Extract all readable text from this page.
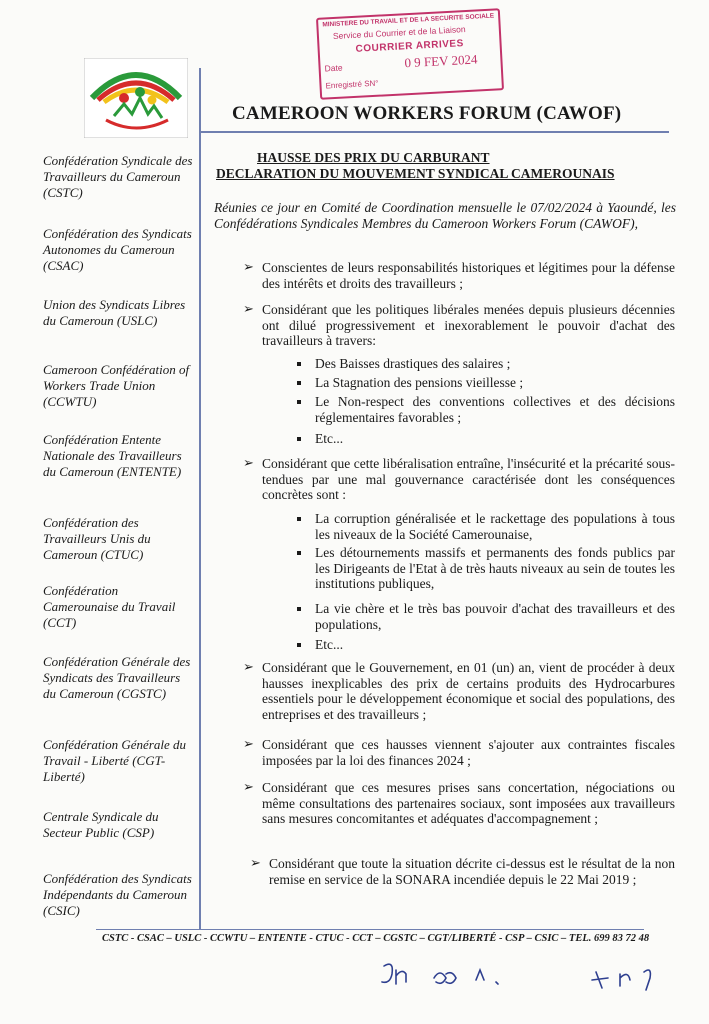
MINISTERE DU TRAVAIL ET DE LA SECURITE SOCIALE
Service du Courrier et de la Liaison
COURRIER ARRIVES
Date	0 9 FEV 2024
Enregistré SN°
CAMEROON WORKERS FORUM (CAWOF)
Confédération Syndicale des Travailleurs du Cameroun (CSTC)
Confédération des Syndicats Autonomes du Cameroun (CSAC)
Union des Syndicats Libres du Cameroun (USLC)
Cameroon Confédération of Workers Trade Union (CCWTU)
Confédération Entente Nationale des Travailleurs du Cameroun (ENTENTE)
Confédération des Travailleurs Unis du Cameroun (CTUC)
Confédération Camerounaise du Travail (CCT)
Confédération Générale des Syndicats des Travailleurs du Cameroun (CGSTC)
Confédération Générale du Travail - Liberté (CGT-Liberté)
Centrale Syndicale du Secteur Public (CSP)
Confédération des Syndicats Indépendants du Cameroun (CSIC)
HAUSSE DES PRIX DU CARBURANT
DECLARATION DU MOUVEMENT SYNDICAL CAMEROUNAIS
Réunies ce jour en Comité de Coordination mensuelle le 07/02/2024 à Yaoundé, les Confédérations Syndicales Membres du Cameroon Workers Forum (CAWOF),
➢ Conscientes de leurs responsabilités historiques et légitimes pour la défense des intérêts et droits des travailleurs ;
➢ Considérant que les politiques libérales menées depuis plusieurs décennies ont dilué progressivement et inexorablement le pouvoir d'achat des travailleurs à travers:
Des Baisses drastiques des salaires ;
La Stagnation des pensions vieillesse ;
Le Non-respect des conventions collectives et des décisions réglementaires favorables ;
Etc...
➢ Considérant que cette libéralisation entraîne, l'insécurité et la précarité sous-tendues par une mal gouvernance caractérisée dont les conséquences concrètes sont :
La corruption généralisée et le rackettage des populations à tous les niveaux de la Société Camerounaise,
Les détournements massifs et permanents des fonds publics par les Dirigeants de l'Etat à de très hauts niveaux au sein de toutes les institutions publiques,
La vie chère et le très bas pouvoir d'achat des travailleurs et des populations,
Etc...
➢ Considérant que le Gouvernement, en 01 (un) an, vient de procéder à deux hausses inexplicables des prix de certains produits des Hydrocarbures essentiels pour le développement économique et social des populations, des entreprises et des travailleurs ;
➢ Considérant que ces hausses viennent s'ajouter aux contraintes fiscales imposées par la loi des finances 2024 ;
➢ Considérant que ces mesures prises sans concertation, négociations ou même consultations des partenaires sociaux, sont imposées aux travailleurs sans mesures concomitantes et adéquates d'accompagnement ;
➢ Considérant que toute la situation décrite ci-dessus est le résultat de la non remise en service de la SONARA incendiée depuis le 22 Mai 2019 ;
CSTC - CSAC – USLC - CCWTU – ENTENTE - CTUC - CCT – CGSTC – CGT/LIBERTÉ - CSP – CSIC – TEL. 699 83 72 48
